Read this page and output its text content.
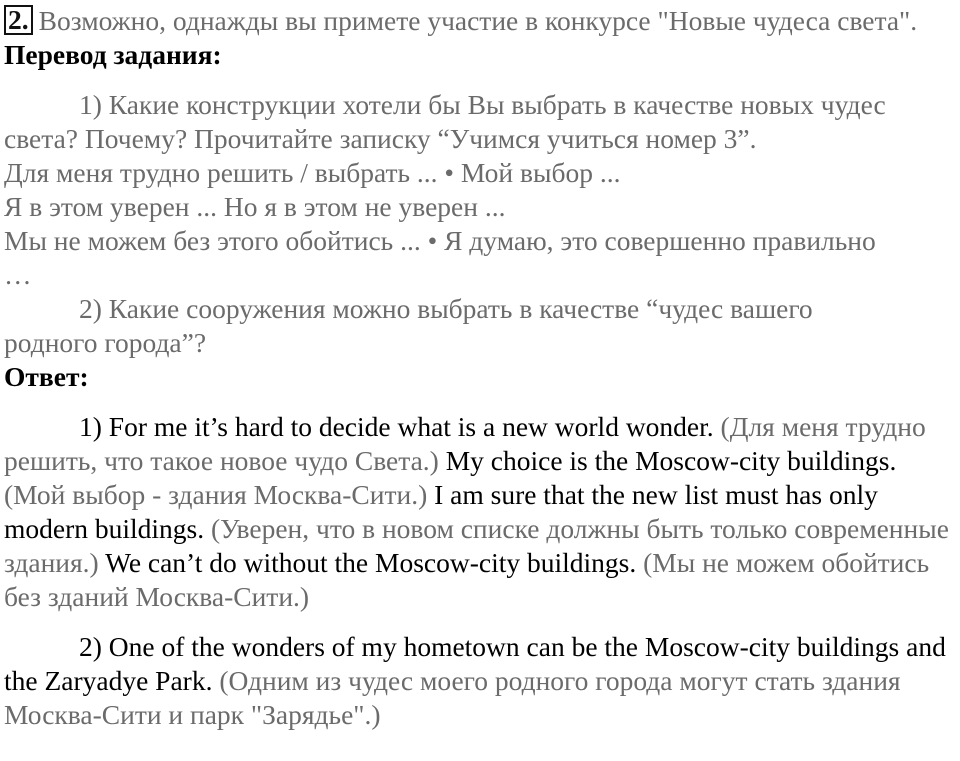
2. Возможно, однажды вы примете участие в конкурсе "Новые чудеса света".

Перевод задания:

1) Какие конструкции хотели бы Вы выбрать в качестве новых чудес света? Почему? Прочитайте записку “Учимся учиться номер 3”.

Для меня трудно решить / выбрать ... • Мой выбор ...

Я в этом уверен ... Но я в этом не уверен ...

Мы не можем без этого обойтись ... • Я думаю, это совершенно правильно

…

2) Какие сооружения можно выбрать в качестве “чудес вашего родного города”?

Ответ:

1) For me it’s hard to decide what is a new world wonder. (Для меня трудно решить, что такое новое чудо Света.) My choice is the Moscow-city buildings. (Мой выбор - здания Москва-Сити.) I am sure that the new list must has only modern buildings. (Уверен, что в новом списке должны быть только современные здания.) We can’t do without the Moscow-city buildings. (Мы не можем обойтись без зданий Москва-Сити.)

2) One of the wonders of my hometown can be the Moscow-city buildings and the Zaryadye Park. (Одним из чудес моего родного города могут стать здания Москва-Сити и парк "Зарядье".)
